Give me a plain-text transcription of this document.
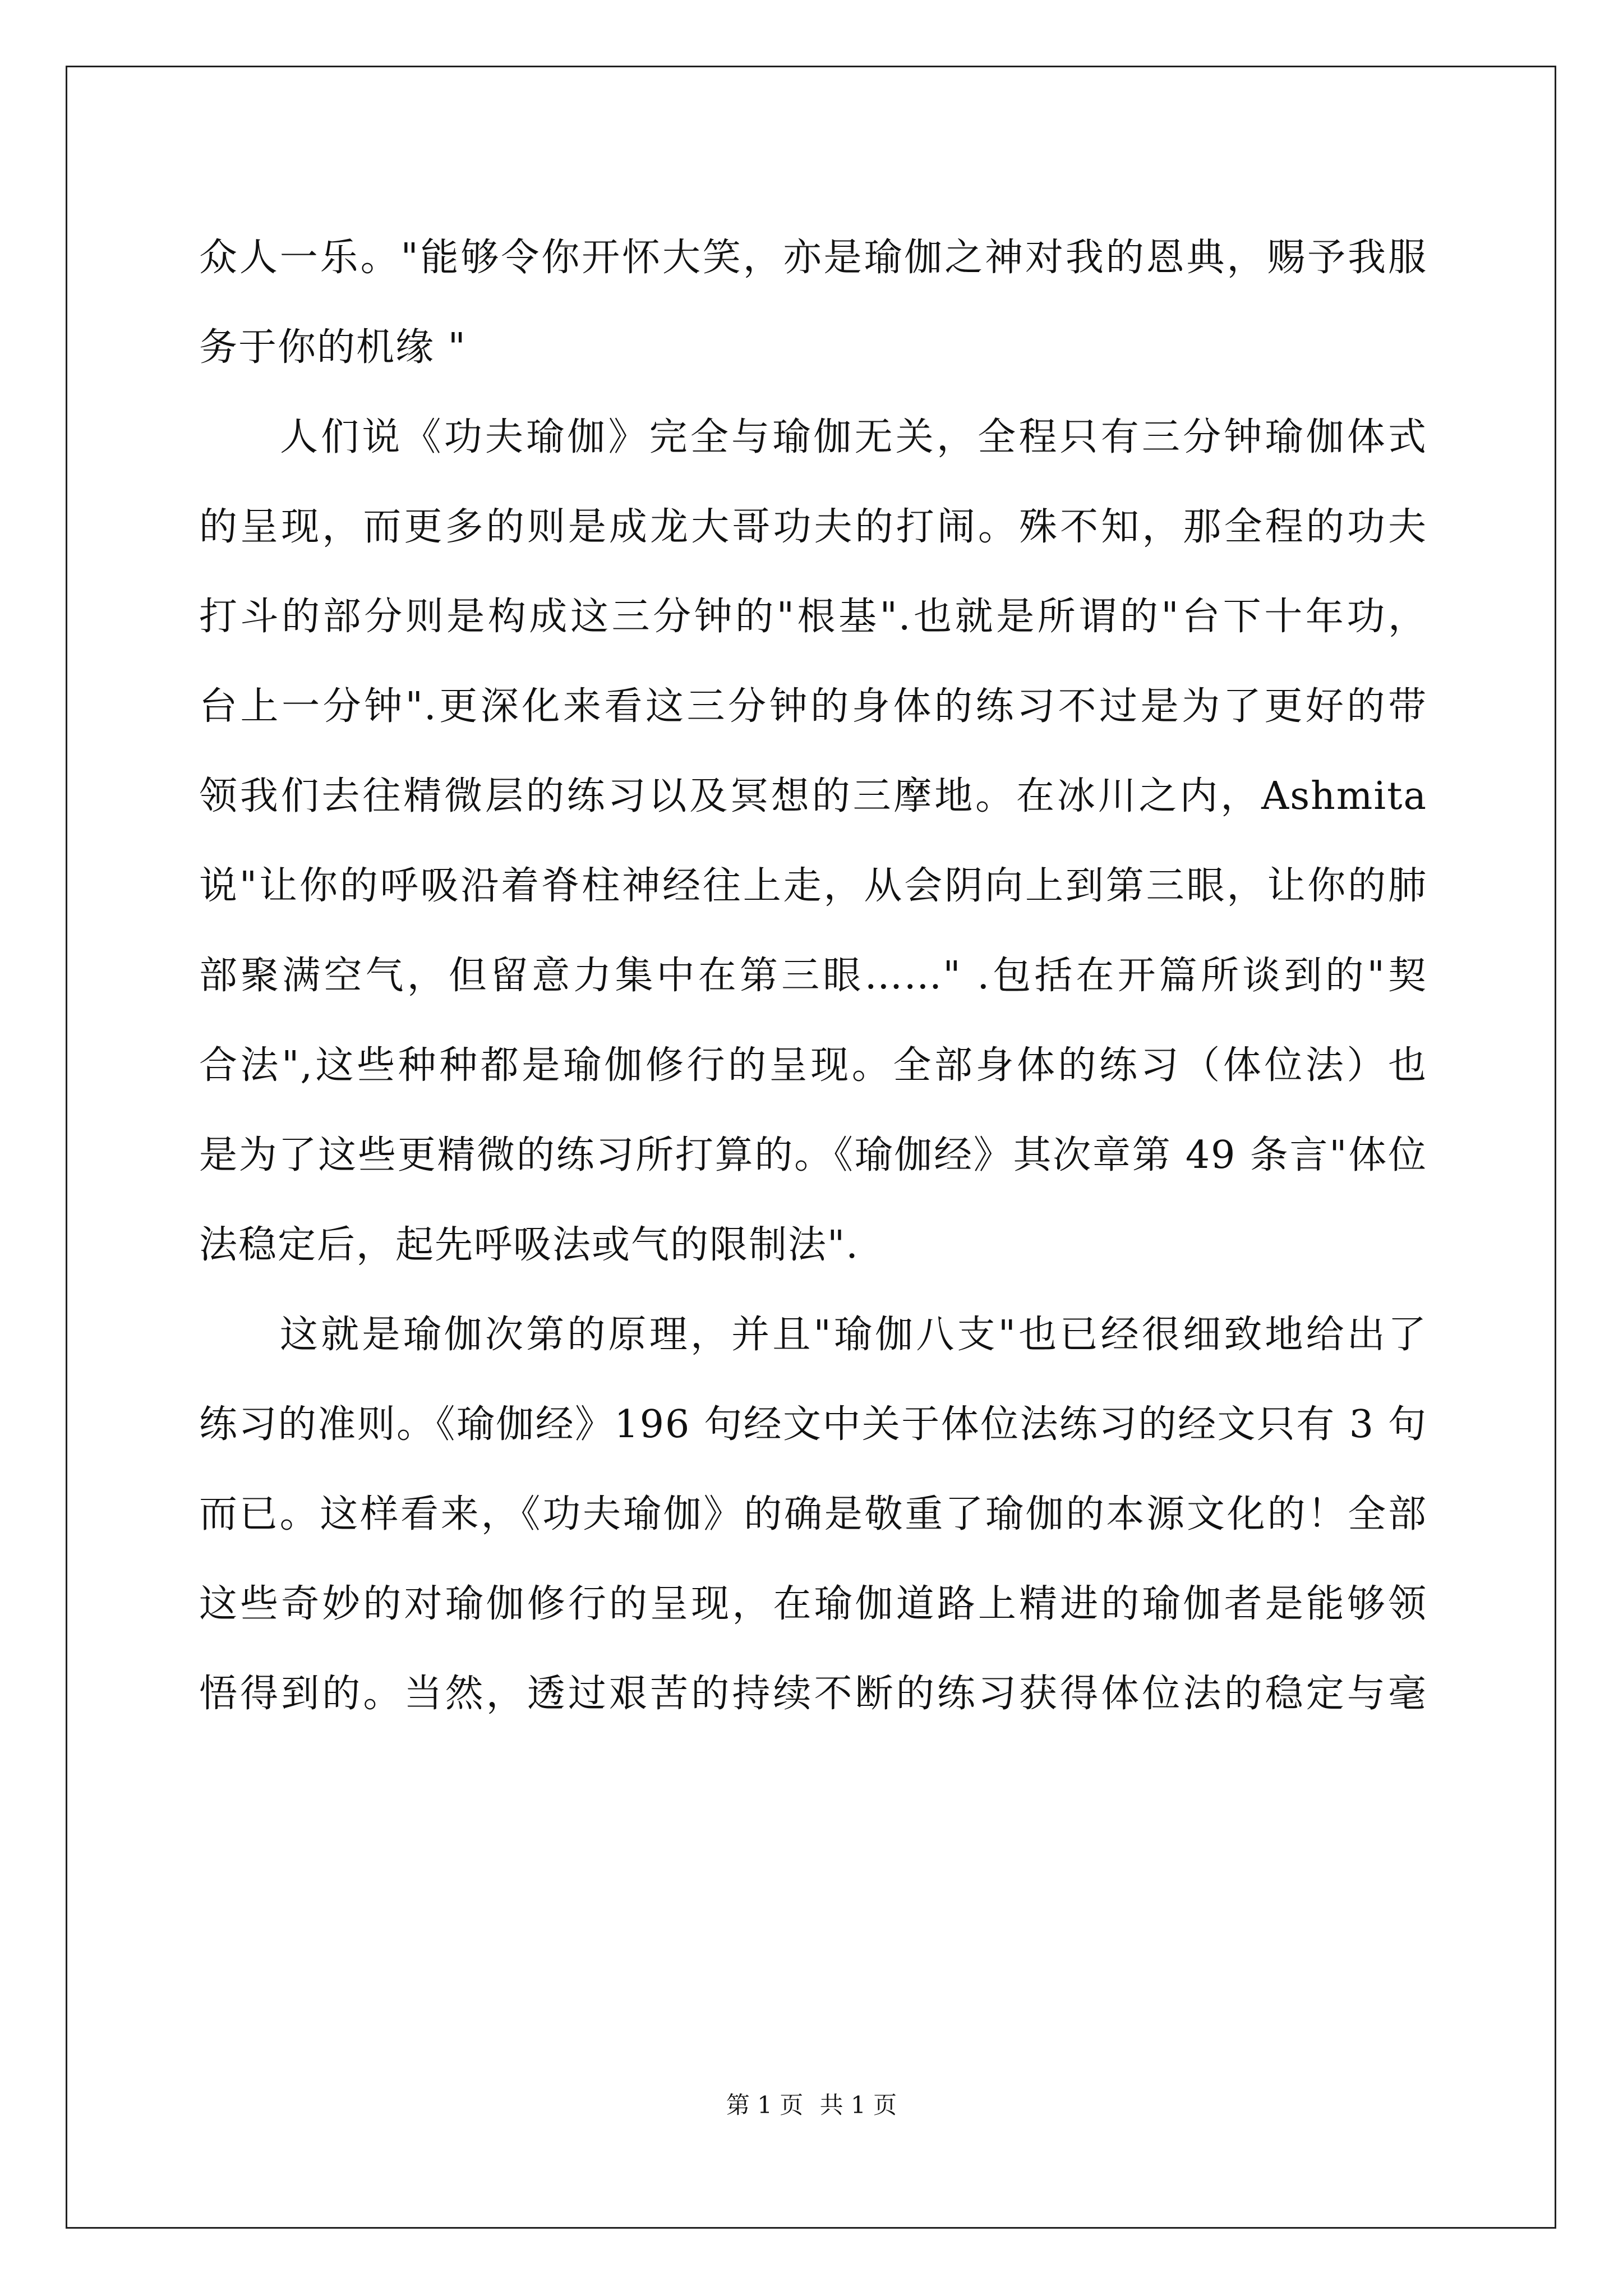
众人一乐。"能够令你开怀大笑，亦是瑜伽之神对我的恩典，赐予我服
务于你的机缘 "
人们说《功夫瑜伽》完全与瑜伽无关，全程只有三分钟瑜伽体式
的呈现，而更多的则是成龙大哥功夫的打闹。殊不知，那全程的功夫
打斗的部分则是构成这三分钟的"根基".也就是所谓的"台下十年功，
台上一分钟".更深化来看这三分钟的身体的练习不过是为了更好的带
领我们去往精微层的练习以及冥想的三摩地。在冰川之内，Ashmita
说"让你的呼吸沿着脊柱神经往上走，从会阴向上到第三眼，让你的肺
部聚满空气，但留意力集中在第三眼……" .包括在开篇所谈到的"契
合法",这些种种都是瑜伽修行的呈现。全部身体的练习（体位法）也
是为了这些更精微的练习所打算的。《瑜伽经》其次章第 49 条言"体位
法稳定后，起先呼吸法或气的限制法".
这就是瑜伽次第的原理，并且"瑜伽八支"也已经很细致地给出了
练习的准则。《瑜伽经》196 句经文中关于体位法练习的经文只有 3 句
而已。这样看来，《功夫瑜伽》的确是敬重了瑜伽的本源文化的！全部
这些奇妙的对瑜伽修行的呈现，在瑜伽道路上精进的瑜伽者是能够领
悟得到的。当然，透过艰苦的持续不断的练习获得体位法的稳定与毫
第 1 页 共 1 页
